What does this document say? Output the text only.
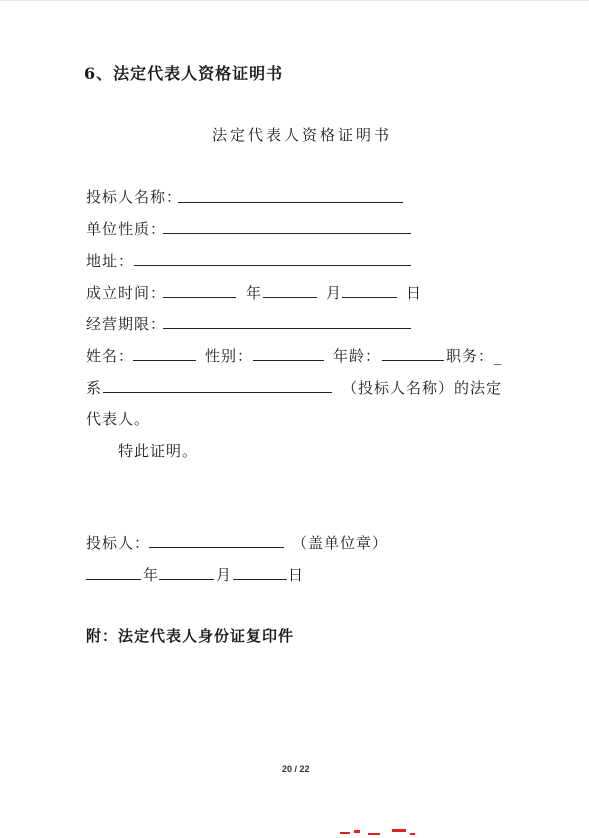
6、法定代表人资格证明书
法定代表人资格证明书
投标人名称：
单位性质：
地址：
成立时间：	年	月	日
经营期限：
姓名：	性别：	年龄：	职务：_
系	（投标人名称）的法定
代表人。
特此证明。
投标人：	（盖单位章）
年	月	日
附：法定代表人身份证复印件
20 / 22
